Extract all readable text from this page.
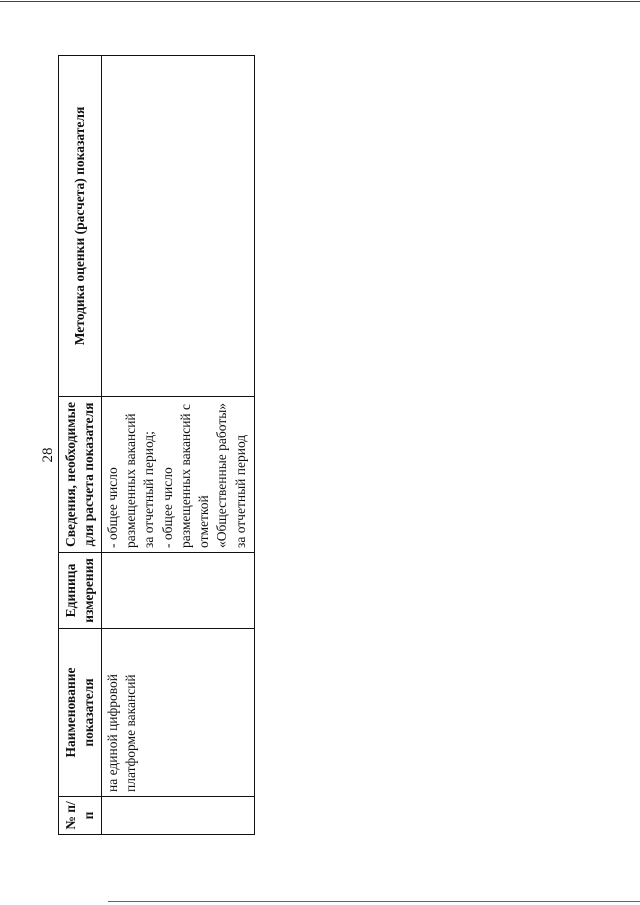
28
№ п/п	Наименование показателя	Единица измерения	Сведения, необходимые для расчета показателя	Методика оценки (расчета) показателя
	на единой цифровой платформе вакансий		- общее число размещенных вакансий за отчетный период; - общее число размещенных вакансий с отметкой «Общественные работы» за отчетный период	
